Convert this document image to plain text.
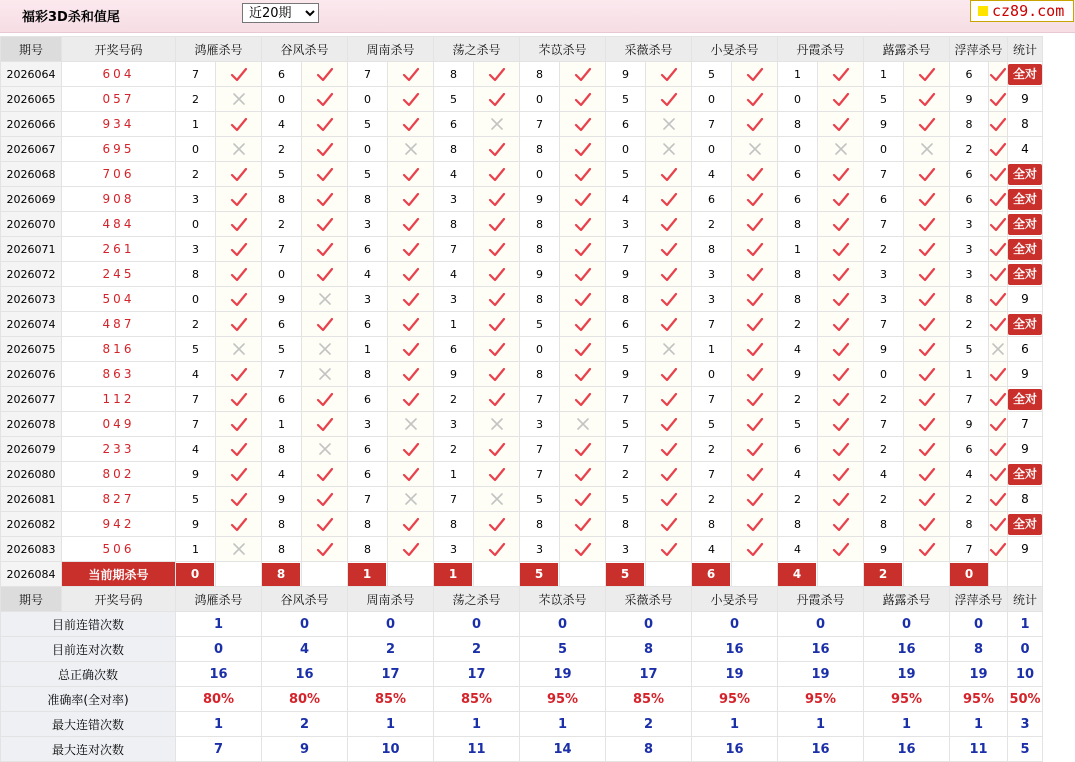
福彩3D杀和值尾
近20期	cz89.com
期号	开奖号码	鸿雁杀号		谷风杀号		周南杀号		荡之杀号		芣苡杀号		采薇杀号		小旻杀号		丹霞杀号		蕗露杀号		浮萍杀号		统计
2026064	604	7		6		7		8		8		9		5		1		1		6		全对
2026065	057	2		0		0		5		0		5		0		0		5		9		9
2026066	934	1		4		5		6		7		6		7		8		9		8		8
2026067	695	0		2		0		8		8		0		0		0		0		2		4
2026068	706	2		5		5		4		0		5		4		6		7		6		全对
2026069	908	3		8		8		3		9		4		6		6		6		6		全对
2026070	484	0		2		3		8		8		3		2		8		7		3		全对
2026071	261	3		7		6		7		8		7		8		1		2		3		全对
2026072	245	8		0		4		4		9		9		3		8		3		3		全对
2026073	504	0		9		3		3		8		8		3		8		3		8		9
2026074	487	2		6		6		1		5		6		7		2		7		2		全对
2026075	816	5		5		1		6		0		5		1		4		9		5		6
2026076	863	4		7		8		9		8		9		0		9		0		1		9
2026077	112	7		6		6		2		7		7		7		2		2		7		全对
2026078	049	7		1		3		3		3		5		5		5		7		9		7
2026079	233	4		8		6		2		7		7		2		6		2		6		9
2026080	802	9		4		6		1		7		2		7		4		4		4		全对
2026081	827	5		9		7		7		5		5		2		2		2		2		8
2026082	942	9		8		8		8		8		8		8		8		8		8		全对
2026083	506	1		8		8		3		3		3		4		4		9		7		9
2026084	当前期杀号	0		8		1		1		5		5		6		4		2		0		

期号	开奖号码	鸿雁杀号		谷风杀号		周南杀号		荡之杀号		芣苡杀号		采薇杀号		小旻杀号		丹霞杀号		蕗露杀号		浮萍杀号		统计
目前连错次数		1		0		0		0		0		0		0		0		0		0		1
目前连对次数		0		4		2		2		5		8		16		16		16		8		0
总正确次数		16		16		17		17		19		17		19		19		19		19		10
准确率(全对率)		80%		80%		85%		85%		95%		85%		95%		95%		95%		95%		50%
最大连错次数		1		2		1		1		1		2		1		1		1		1		3
最大连对次数		7		9		10		11		14		8		16		16		16		11		5
